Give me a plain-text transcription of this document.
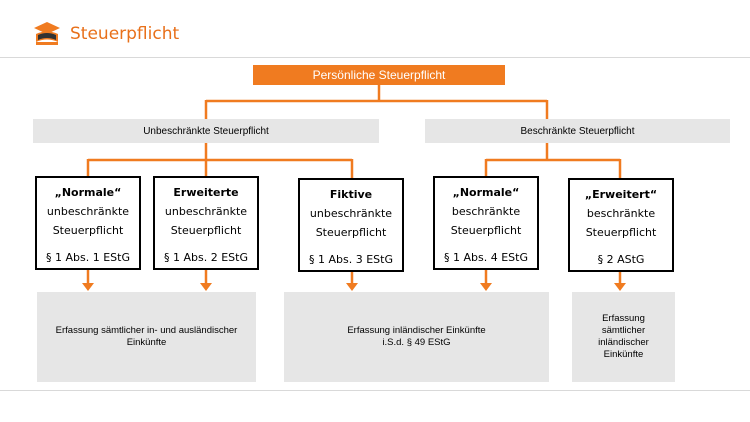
Steuerpflicht
Persönliche Steuerpflicht
Unbeschränkte Steuerpflicht	Beschränkte Steuerpflicht
„Normale“
unbeschränkte
Steuerpflicht
§ 1 Abs. 1 EStG
Erweiterte
unbeschränkte
Steuerpflicht
§ 1 Abs. 2 EStG
Fiktive
unbeschränkte
Steuerpflicht
§ 1 Abs. 3 EStG
„Normale“
beschränkte
Steuerpflicht
§ 1 Abs. 4 EStG
„Erweitert“
beschränkte
Steuerpflicht
§ 2 AStG
Erfassung sämtlicher in- und ausländischer
Einkünfte
Erfassung inländischer Einkünfte
i.S.d. § 49 EStG
Erfassung
sämtlicher
inländischer
Einkünfte
